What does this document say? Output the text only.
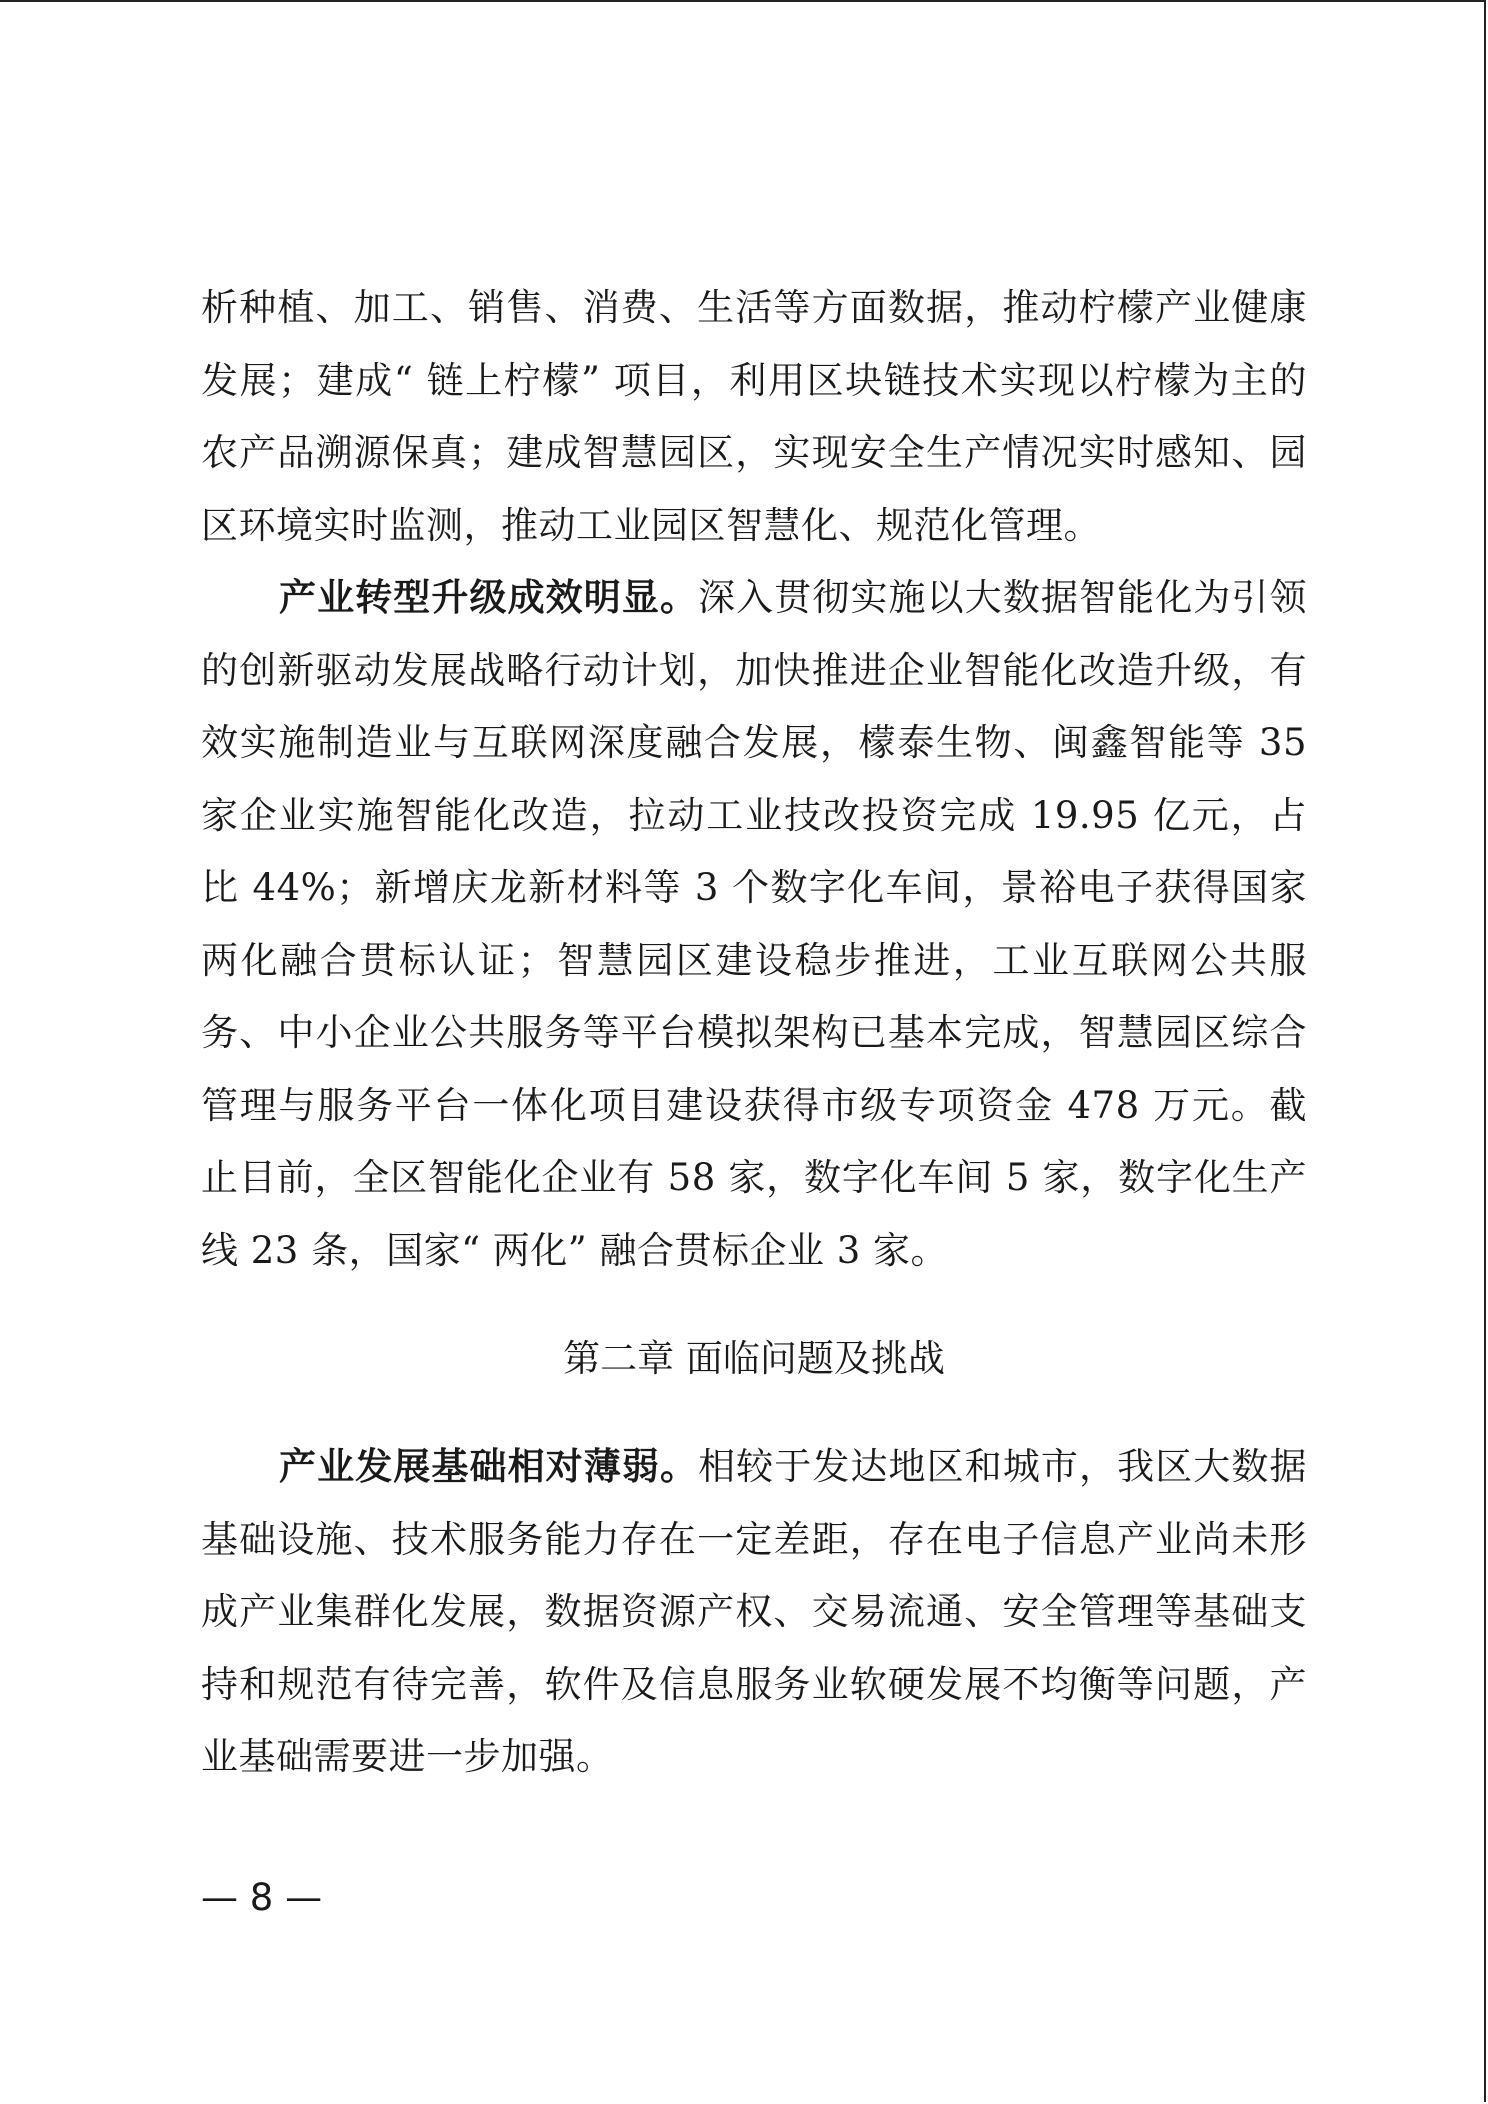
析种植、加工、销售、消费、生活等方面数据，推动柠檬产业健康发展；建成“ 链上柠檬” 项目，利用区块链技术实现以柠檬为主的农产品溯源保真；建成智慧园区，实现安全生产情况实时感知、园区环境实时监测，推动工业园区智慧化、规范化管理。

产业转型升级成效明显。深入贯彻实施以大数据智能化为引领的创新驱动发展战略行动计划，加快推进企业智能化改造升级，有效实施制造业与互联网深度融合发展，檬泰生物、闽鑫智能等 35 家企业实施智能化改造，拉动工业技改投资完成 19.95 亿元，占比 44%；新增庆龙新材料等 3 个数字化车间，景裕电子获得国家两化融合贯标认证；智慧园区建设稳步推进，工业互联网公共服务、中小企业公共服务等平台模拟架构已基本完成，智慧园区综合管理与服务平台一体化项目建设获得市级专项资金 478 万元。截止目前，全区智能化企业有 58 家，数字化车间 5 家，数字化生产线 23 条，国家“ 两化” 融合贯标企业 3 家。

第二章 面临问题及挑战

产业发展基础相对薄弱。相较于发达地区和城市，我区大数据基础设施、技术服务能力存在一定差距，存在电子信息产业尚未形成产业集群化发展，数据资源产权、交易流通、安全管理等基础支持和规范有待完善，软件及信息服务业软硬发展不均衡等问题，产业基础需要进一步加强。

— 8 —
